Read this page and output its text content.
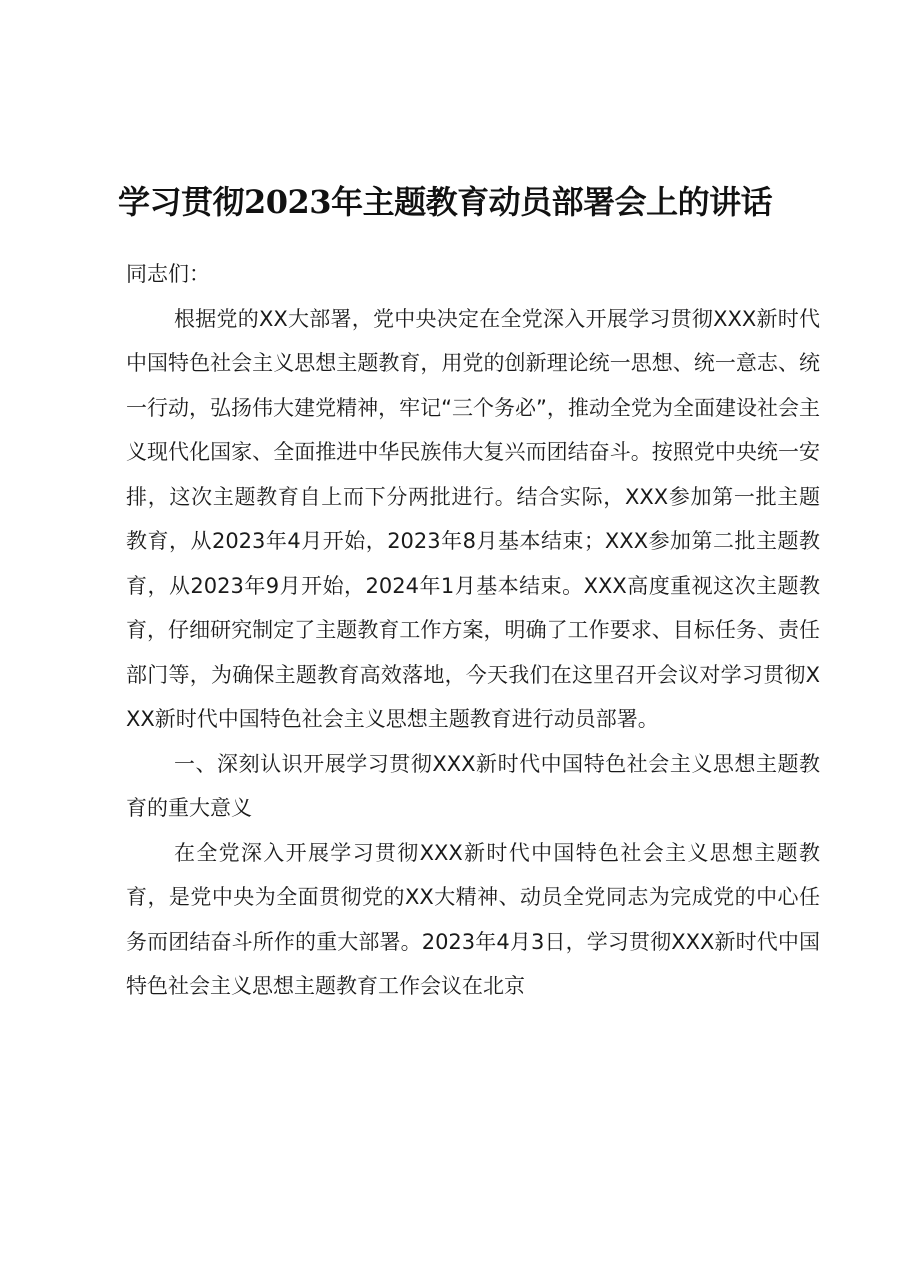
学习贯彻2023年主题教育动员部署会上的讲话

同志们：

根据党的XX大部署，党中央决定在全党深入开展学习贯彻XXX新时代中国特色社会主义思想主题教育，用党的创新理论统一思想、统一意志、统一行动，弘扬伟大建党精神，牢记“三个务必”，推动全党为全面建设社会主义现代化国家、全面推进中华民族伟大复兴而团结奋斗。按照党中央统一安排，这次主题教育自上而下分两批进行。结合实际，XXX参加第一批主题教育，从2023年4月开始，2023年8月基本结束；XXX参加第二批主题教育，从2023年9月开始，2024年1月基本结束。XXX高度重视这次主题教育，仔细研究制定了主题教育工作方案，明确了工作要求、目标任务、责任部门等，为确保主题教育高效落地，今天我们在这里召开会议对学习贯彻XXX新时代中国特色社会主义思想主题教育进行动员部署。

一、深刻认识开展学习贯彻XXX新时代中国特色社会主义思想主题教育的重大意义

在全党深入开展学习贯彻XXX新时代中国特色社会主义思想主题教育，是党中央为全面贯彻党的XX大精神、动员全党同志为完成党的中心任务而团结奋斗所作的重大部署。2023年4月3日，学习贯彻XXX新时代中国特色社会主义思想主题教育工作会议在北京
